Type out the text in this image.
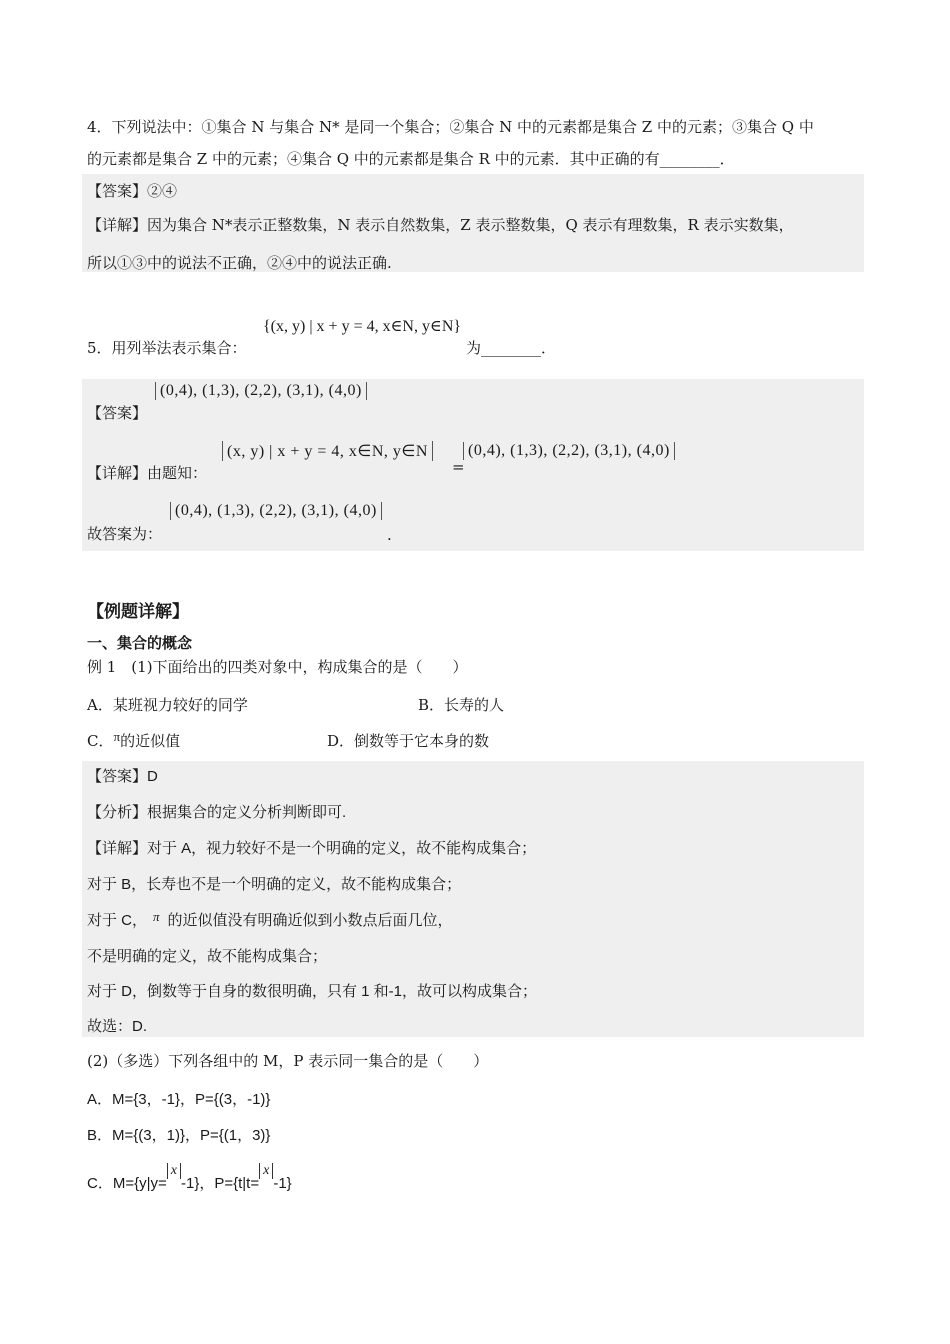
4．下列说法中：①集合 N 与集合 N* 是同一个集合；②集合 N 中的元素都是集合 Z 中的元素；③集合 Q 中
的元素都是集合 Z 中的元素；④集合 Q 中的元素都是集合 R 中的元素．其中正确的有________．
【答案】②④
【详解】因为集合 N*表示正整数集，N 表示自然数集，Z 表示整数集，Q 表示有理数集，R 表示实数集，
所以①③中的说法不正确，②④中的说法正确.
5．用列举法表示集合：
{(x, y) | x + y = 4, x∈N, y∈N}
为________．
【答案】
(0,4), (1,3), (2,2), (3,1), (4,0)
【详解】由题知：
(x, y) | x + y = 4, x∈N, y∈N
=
(0,4), (1,3), (2,2), (3,1), (4,0)
故答案为：
(0,4), (1,3), (2,2), (3,1), (4,0)
.
【例题详解】
一、集合的概念
例 1　(1)下面给出的四类对象中，构成集合的是（　　）
A．某班视力较好的同学	B．长寿的人
C．π的近似值	D．倒数等于它本身的数
【答案】D
【分析】根据集合的定义分析判断即可.
【详解】对于 A，视力较好不是一个明确的定义，故不能构成集合；
对于 B，长寿也不是一个明确的定义，故不能构成集合；
对于 C， π 的近似值没有明确近似到小数点后面几位，
不是明确的定义，故不能构成集合；
对于 D，倒数等于自身的数很明确，只有 1 和-1，故可以构成集合；
故选：D.
(2)（多选）下列各组中的 M，P 表示同一集合的是（　　）
A．M={3，-1}，P={(3，-1)}
B．M={(3，1)}，P={(1，3)}
C．M={y|y=x-1}，P={t|t=x-1}
